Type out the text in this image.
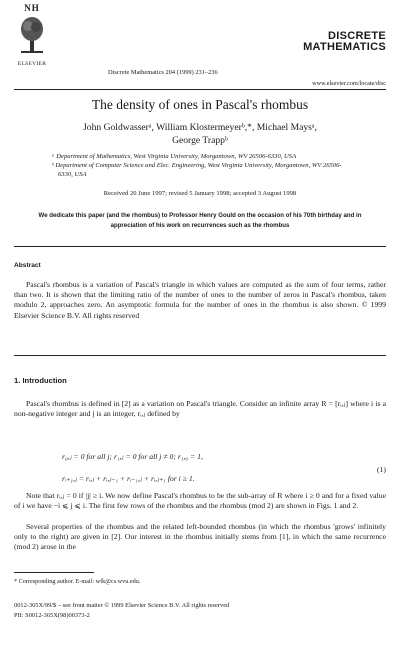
NH
ELSEVIER
Discrete Mathematics 204 (1999) 231–236
DISCRETE
MATHEMATICS
www.elsevier.com/locate/disc
The density of ones in Pascal's rhombus
John Goldwasserᵃ, William Klostermeyerᵇ,*, Michael Maysᵃ,
George Trappᵇ
ᵃ Department of Mathematics, West Virginia University, Morgantown, WV 26506-6330, USA
ᵇ Department of Computer Science and Elec. Engineering, West Virginia University, Morgantown, WV 26506-6330, USA
Received 20 June 1997; revised 5 January 1998; accepted 3 August 1998
We dedicate this paper (and the rhombus) to Professor Henry Gould on the occasion of his 70th birthday and in appreciation of his work on recurrences such as the rhombus
Abstract
Pascal's rhombus is a variation of Pascal's triangle in which values are computed as the sum of four terms, rather than two. It is shown that the limiting ratio of the number of ones to the number of zeros in Pascal's rhombus, taken modulo 2, approaches zero. An asymptotic formula for the number of ones in the rhombus is also shown. © 1999 Elsevier Science B.V. All rights reserved
1. Introduction
Pascal's rhombus is defined in [2] as a variation on Pascal's triangle. Consider an infinite array R = [rᵢ,ⱼ] where i is a non-negative integer and j is an integer, rᵢ,ⱼ defined by
r₀,ⱼ = 0 for all j; r₁,ⱼ = 0 for all j ≠ 0; r₁,₀ = 1,
rᵢ₊₁,ⱼ = rᵢ,ⱼ + rᵢ,ⱼ₋₁ + rᵢ₋₁,ⱼ + rᵢ,ⱼ₊₁ for i ≥ 1.
(1)
Note that rᵢ,ⱼ = 0 if |j| ≥ i. We now define Pascal's rhombus to be the sub-array of R where i ≥ 0 and for a fixed value of i we have −i ⩽ j ⩽ i. The first few rows of the rhombus and the rhombus (mod 2) are shown in Figs. 1 and 2.
Several properties of the rhombus and the related left-bounded rhombus (in which the rhombus 'grows' infinitely only to the right) are given in [2]. Our interest in the rhombus initially stems from [1], in which the same recurrence (mod 2) arose in the
* Corresponding author. E-mail: wfk@cs.wvu.edu.
0012-365X/99/$ – see front matter © 1999 Elsevier Science B.V. All rights reserved
PII: S0012-365X(98)00373-2
